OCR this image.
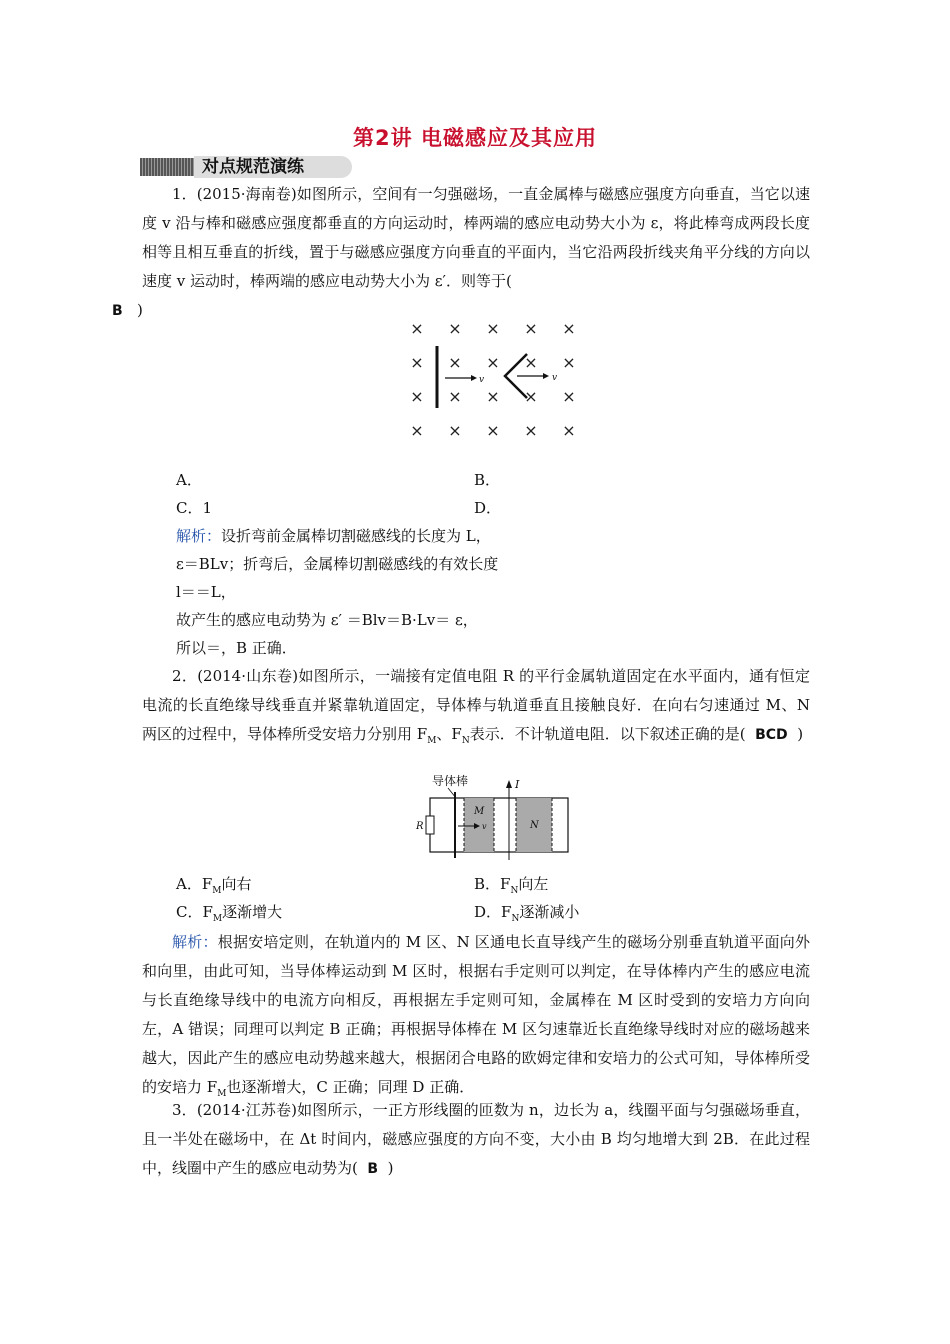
第2讲 电磁感应及其应用
对点规范演练
1．(2015·海南卷)如图所示，空间有一匀强磁场，一直金属棒与磁感应强度方向垂直，当它以速度 v 沿与棒和磁感应强度都垂直的方向运动时，棒两端的感应电动势大小为 ε，将此棒弯成两段长度相等且相互垂直的折线，置于与磁感应强度方向垂直的平面内，当它沿两段折线夹角平分线的方向以速度 v 运动时，棒两端的感应电动势大小为 ε′．则等于(
B )
× × × × ×
× × × × ×
× × × × ×
× × × × ×
v	v
A．	B．
C．1	D．
解析：设折弯前金属棒切割磁感线的长度为 L，
ε＝BLv；折弯后，金属棒切割磁感线的有效长度
l＝＝L，
故产生的感应电动势为 ε′ ＝Blv＝B·Lv＝ ε，
所以＝，B 正确．
2．(2014·山东卷)如图所示，一端接有定值电阻 R 的平行金属轨道固定在水平面内，通有恒定电流的长直绝缘导线垂直并紧靠轨道固定，导体棒与轨道垂直且接触良好．在向右匀速通过 M、N 两区的过程中，导体棒所受安培力分别用 $F_M$、$F_N$表示．不计轨道电阻．以下叙述正确的是( BCD )
导体棒	I
R	v
M
N
A．$F_M$向右	B．$F_N$向左
C．$F_M$逐渐增大	D．$F_N$逐渐减小
解析：根据安培定则，在轨道内的 M 区、N 区通电长直导线产生的磁场分别垂直轨道平面向外和向里，由此可知，当导体棒运动到 M 区时，根据右手定则可以判定，在导体棒内产生的感应电流与长直绝缘导线中的电流方向相反，再根据左手定则可知，金属棒在 M 区时受到的安培力方向向左，A 错误；同理可以判定 B 正确；再根据导体棒在 M 区匀速靠近长直绝缘导线时对应的磁场越来越大，因此产生的感应电动势越来越大，根据闭合电路的欧姆定律和安培力的公式可知，导体棒所受的安培力 $F_M$也逐渐增大，C 正确；同理 D 正确．
3．(2014·江苏卷)如图所示，一正方形线圈的匝数为 n，边长为 a，线圈平面与匀强磁场垂直，且一半处在磁场中，在 Δt 时间内，磁感应强度的方向不变，大小由 B 均匀地增大到 2B．在此过程中，线圈中产生的感应电动势为( B )
